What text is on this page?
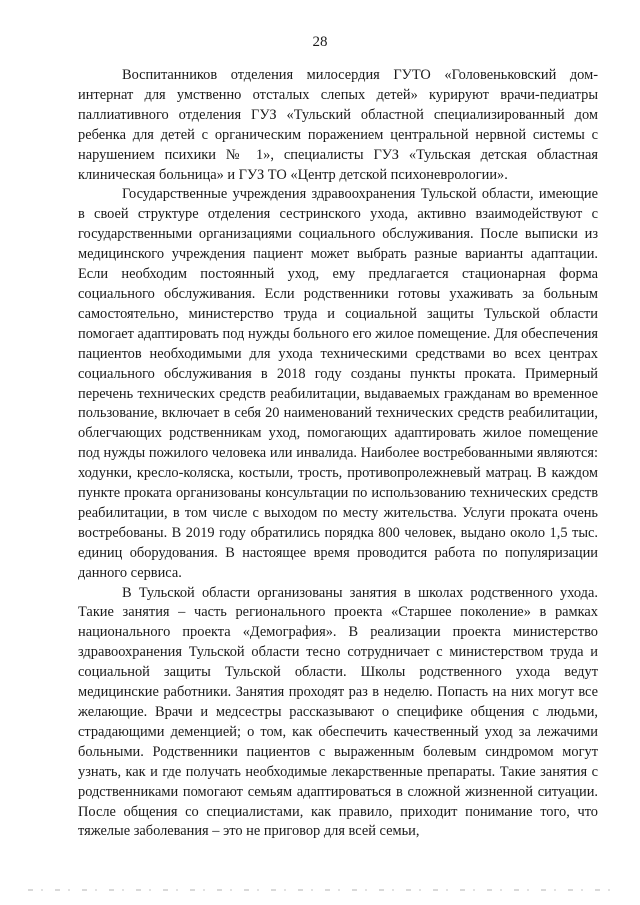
28

Воспитанников отделения милосердия ГУТО «Головеньковский дом-интернат для умственно отсталых слепых детей» курируют врачи-педиатры паллиативного отделения ГУЗ «Тульский областной специализированный дом ребенка для детей с органическим поражением центральной нервной системы с нарушением психики № 1», специалисты ГУЗ «Тульская детская областная клиническая больница» и ГУЗ ТО «Центр детской психоневрологии».

Государственные учреждения здравоохранения Тульской области, имеющие в своей структуре отделения сестринского ухода, активно взаимодействуют с государственными организациями социального обслуживания. После выписки из медицинского учреждения пациент может выбрать разные варианты адаптации. Если необходим постоянный уход, ему предлагается стационарная форма социального обслуживания. Если родственники готовы ухаживать за больным самостоятельно, министерство труда и социальной защиты Тульской области помогает адаптировать под нужды больного его жилое помещение. Для обеспечения пациентов необходимыми для ухода техническими средствами во всех центрах социального обслуживания в 2018 году созданы пункты проката. Примерный перечень технических средств реабилитации, выдаваемых гражданам во временное пользование, включает в себя 20 наименований технических средств реабилитации, облегчающих родственникам уход, помогающих адаптировать жилое помещение под нужды пожилого человека или инвалида. Наиболее востребованными являются: ходунки, кресло-коляска, костыли, трость, противопролежневый матрац. В каждом пункте проката организованы консультации по использованию технических средств реабилитации, в том числе с выходом по месту жительства. Услуги проката очень востребованы. В 2019 году обратились порядка 800 человек, выдано около 1,5 тыс. единиц оборудования. В настоящее время проводится работа по популяризации данного сервиса.

В Тульской области организованы занятия в школах родственного ухода. Такие занятия – часть регионального проекта «Старшее поколение» в рамках национального проекта «Демография». В реализации проекта министерство здравоохранения Тульской области тесно сотрудничает с министерством труда и социальной защиты Тульской области. Школы родственного ухода ведут медицинские работники. Занятия проходят раз в неделю. Попасть на них могут все желающие. Врачи и медсестры рассказывают о специфике общения с людьми, страдающими деменцией; о том, как обеспечить качественный уход за лежачими больными. Родственники пациентов с выраженным болевым синдромом могут узнать, как и где получать необходимые лекарственные препараты. Такие занятия с родственниками помогают семьям адаптироваться в сложной жизненной ситуации. После общения со специалистами, как правило, приходит понимание того, что тяжелые заболевания – это не приговор для всей семьи,
